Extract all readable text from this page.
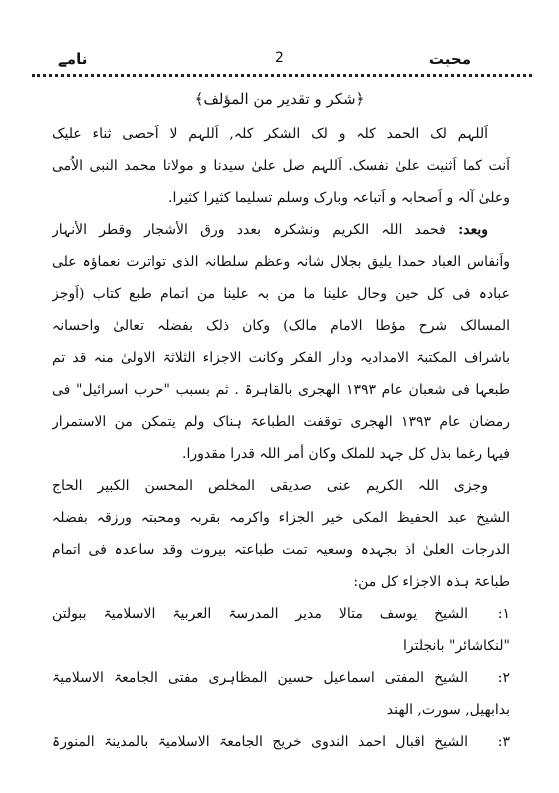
محبت
2
نامے
﴿شکر و تقدیر من المؤلف﴾
اَللہم لک الحمد کلہ و لک الشکر کلہ, اَللہم لا اَحصی ثناء علیک
اَنت کما اَثنیت علیٰ نفسک. اَللہم صل علیٰ سیدنا و مولانا محمد النبی الاُمی
وعلیٰ آلہ و اَصحابہ و اَتباعہ وبارک وسلم تسلیما کثیرا کثیرا.
وبعد: فحمد اللہ الکریم ونشکرہ بعدد ورق الأشجار وقطر الأنہار
واَنفاس العباد حمدا یلیق بجلال شانہ وعظم سلطانہ الذی تواترت نعماؤہ علی
عبادہ فی کل حین وحال علینا ما من بہ علینا من اتمام طبع کتاب (اَوجز
المسالک شرح مؤطا الامام مالک) وکان ذلک بفضلہ تعالیٰ واحسانہ
باشراف المکتبۃ الامدادیہ ودار الفکر وکانت الاجزاء الثلاثۃ الاولیٰ منہ قد تم
طبعہا فی شعبان عام ۱۳۹۳ الھجری بالقاہرۃ . ثم بسبب "حرب اسرائیل" فی
رمضان عام ۱۳۹۳ الھجری توقفت الطباعۃ ہناک ولم یتمکن من الاستمرار
فیہا رغما بذل کل جہد للملک وکان أمر اللہ قدرا مقدورا.
وجزی اللہ الکریم عنی صدیقی المخلص المحسن الکبیر الحاج
الشیخ عبد الحفیظ المکی خیر الجزاء واکرمہ بقربہ ومحبتہ ورزقہ بفضلہ
الدرجات العلیٰ اذ بجہدہ وسعیہ تمت طباعتہ بیروت وقد ساعدہ فی اتمام
طباعۃ ہذہ الاجزاء کل من:
۱:
الشیخ یوسف متالا مدیر المدرسۃ العربیۃ الاسلامیۃ ببولتن
"لنکاشائر" بانجلترا
۲:
الشیخ المفتی اسماعیل حسین المظاہری مفتی الجامعۃ الاسلامیۃ
بدابھیل, سورت, الھند
۳:
الشیخ اقبال احمد الندوی خریج الجامعۃ الاسلامیۃ بالمدینۃ المنورۃ
